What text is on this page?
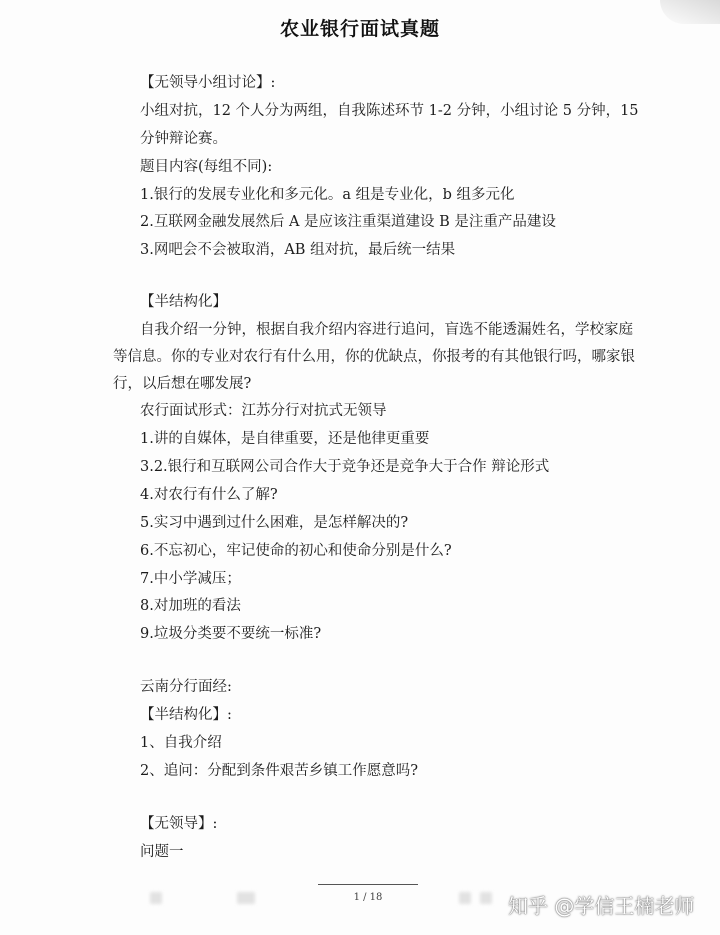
农业银行面试真题
【无领导小组讨论】:
小组对抗，12 个人分为两组，自我陈述环节 1-2 分钟，小组讨论 5 分钟，15
分钟辩论赛。
题目内容(每组不同):
1.银行的发展专业化和多元化。a 组是专业化，b 组多元化
2.互联网金融发展然后 A 是应该注重渠道建设 B 是注重产品建设
3.网吧会不会被取消，AB 组对抗，最后统一结果
【半结构化】
自我介绍一分钟，根据自我介绍内容进行追问，盲选不能透漏姓名，学校家庭
等信息。你的专业对农行有什么用，你的优缺点，你报考的有其他银行吗，哪家银
行，以后想在哪发展?
农行面试形式：江苏分行对抗式无领导
1.讲的自媒体，是自律重要，还是他律更重要
3.2.银行和互联网公司合作大于竞争还是竞争大于合作 辩论形式
4.对农行有什么了解?
5.实习中遇到过什么困难，是怎样解决的?
6.不忘初心，牢记使命的初心和使命分别是什么?
7.中小学减压；
8.对加班的看法
9.垃圾分类要不要统一标准?
云南分行面经:
【半结构化】:
1、自我介绍
2、追问：分配到条件艰苦乡镇工作愿意吗?
【无领导】:
问题一
1 / 18	知乎 @学信王楠老师
